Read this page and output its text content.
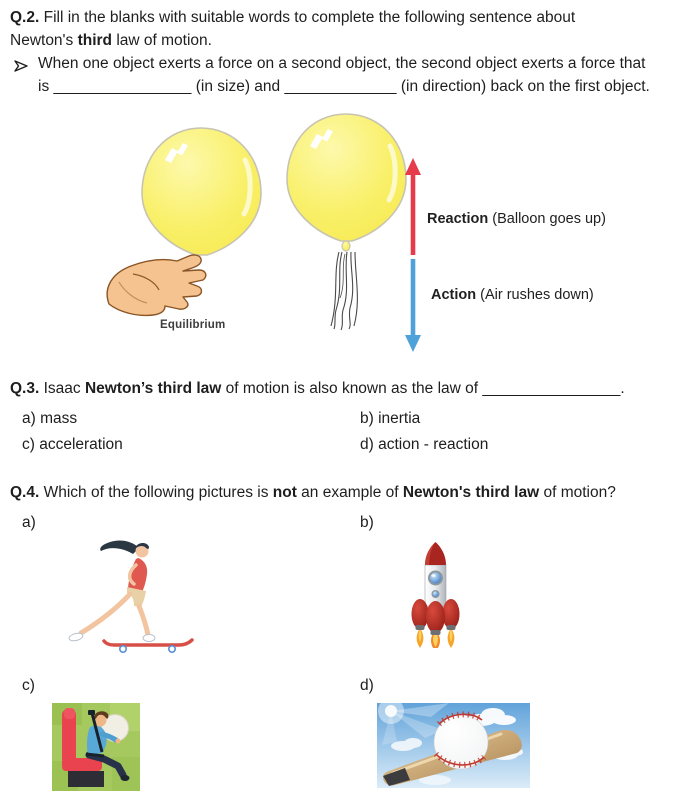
Q.2. Fill in the blanks with suitable words to complete the following sentence about
Newton's third law of motion.
When one object exerts a force on a second object, the second object exerts a force that
is ________________ (in size) and _____________ (in direction) back on the first object.
Equilibrium
Reaction (Balloon goes up)
Action (Air rushes down)
Q.3. Isaac Newton’s third law of motion is also known as the law of ________________.
a) mass	b) inertia
c) acceleration	d) action - reaction
Q.4. Which of the following pictures is not an example of Newton's third law of motion?
a)	b)
c)	d)
